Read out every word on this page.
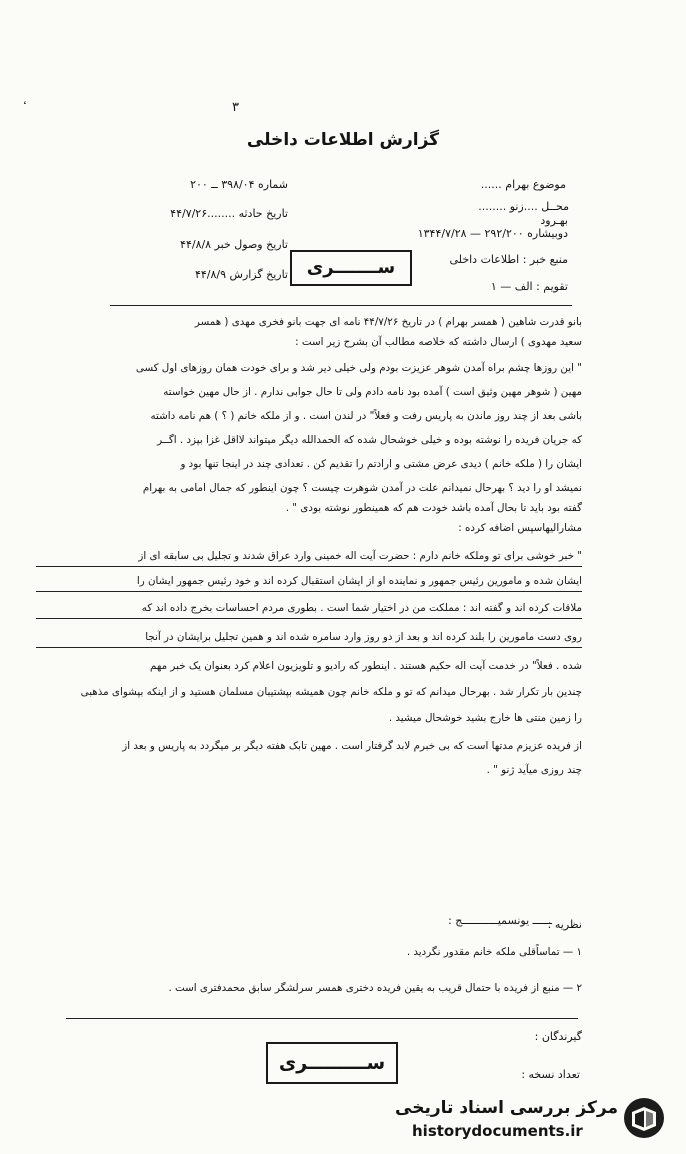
۳
گزارش اطلاعات داخلی
موضوع بهرام ......
محــل ....زنو ........
بهـرود
دوبیشاره ۲۹۲/۲۰۰ — ۱۳۴۴/۷/۲۸
منبع خبر : اطلاعات داخلی
تقویم : الف — ۱
شماره ۳۹۸/۰۴ ــ ۲۰۰
تاریخ حادثه ........۴۴/۷/۲۶
تاریخ وصول خبر ۴۴/۸/۸
تاریخ گزارش ۴۴/۸/۹	ســـــــری
بانو قدرت شاهین ( همسر بهرام ) در تاریخ ۴۴/۷/۲۶ نامه ای جهت بانو فخری مهدی ( همسر
سعید مهدوی ) ارسال داشته که خلاصه مطالب آن بشرح زیر است :
" این روزها چشم براه آمدن شوهر عزیزت بودم ولی خیلی دیر شد و برای خودت همان روزهای اول کسی
مهین ( شوهر مهین وثیق است ) آمده بود نامه دادم ولی تا حال جوابی ندارم . از حال مهین خواسته
باشی بعد از چند روز ماندن به پاریس رفت و فعلاً" در لندن است . و از ملکه خانم ( ؟ ) هم نامه داشته
که جریان فریده را نوشته بوده و خیلی خوشحال شده که الحمدالله دیگر میتواند لااقل غزا بپزد . اگــر
ایشان را ( ملکه خانم ) دیدی عرض مشتی و ارادتم را تقدیم کن . تعدادی چند در اینجا تنها بود و
نمیشد او را دید ؟ بهرحال نمیدانم علت در آمدن شوهرت چیست ؟ چون اینطور که جمال امامی به بهرام
گفته بود باید تا بحال آمده باشد خودت هم که همینطور نوشته بودی " .
مشارالیهاسپس اضافه کرده :
" خبر خوشی برای تو وملکه خانم دارم : حضرت آیت اله خمینی وارد عراق شدند و تجلیل بی سابقه ای از
ایشان شده و مامورین رئیس جمهور و نماینده او از ایشان استقبال کرده اند و خود رئیس جمهور ایشان را
ملاقات کرده اند و گفته اند : مملکت من در اختیار شما است . بطوری مردم احساسات بخرج داده اند که
روی دست مامورین را بلند کرده اند و بعد از دو روز وارد سامره شده اند و همین تجلیل برایشان در آنجا
شده . فعلاً" در خدمت آیت اله حکیم هستند . اینطور که رادیو و تلویزیون اعلام کرد بعنوان یک خبر مهم
چندین بار تکرار شد . بهرحال میدانم که تو و ملکه خانم چون همیشه بپشتیبان مسلمان هستید و از اینکه بپشوای مذهبی
را زمین منتی ها خارج بشید خوشحال میشید .
از فریده عزیزم مدتها است که بی خبرم لابد گرفتار است . مهین تابک هفته دیگر بر میگردد به پاریس و بعد از
چند روزی میآید ژنو " .
نظریه :
ــــــ یونسمیـــــــــــج :
۱ — تماساًقلی ملکه خانم مقدور نگردید .
۲ — منبع از فریده با حتمال قریب به یقین فریده دختری همسر سرلشگر سابق محمدفتری است .
گیرندگان :
تعداد نسخه :
ســـــــــری
مرکز بررسی اسناد تاریخی
historydocuments.ir
